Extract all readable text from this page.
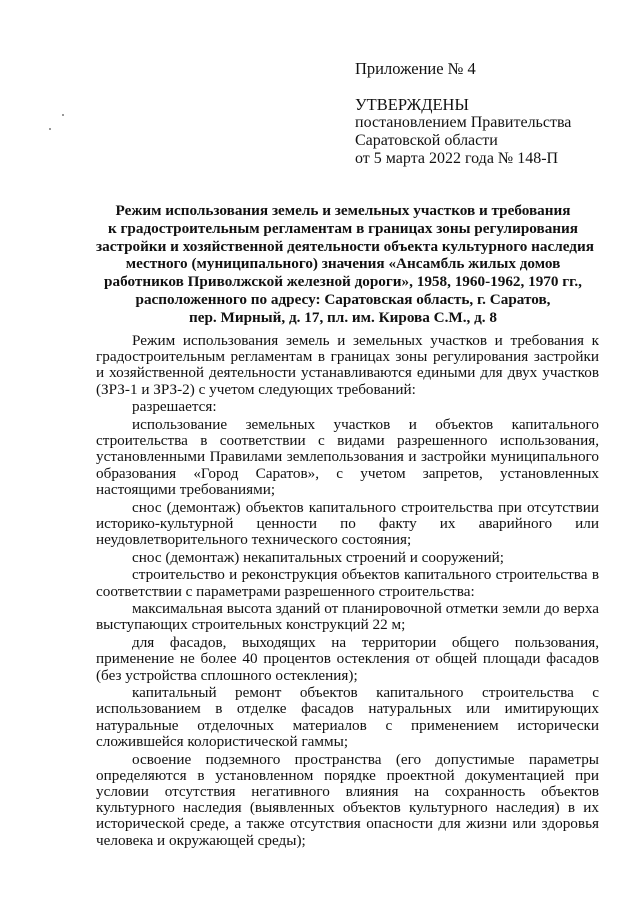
Приложение № 4
УТВЕРЖДЕНЫ
постановлением Правительства
Саратовской области
от 5 марта 2022 года № 148-П
Режим использования земель и земельных участков и требования
к градостроительным регламентам в границах зоны регулирования
застройки и хозяйственной деятельности объекта культурного наследия
местного (муниципального) значения «Ансамбль жилых домов
работников Приволжской железной дороги», 1958, 1960-1962, 1970 гг.,
расположенного по адресу: Саратовская область, г. Саратов,
пер. Мирный, д. 17, пл. им. Кирова С.М., д. 8

Режим использования земель и земельных участков и требования к градостроительным регламентам в границах зоны регулирования застройки и хозяйственной деятельности устанавливаются едиными для двух участков (ЗРЗ-1 и ЗРЗ-2) с учетом следующих требований:

разрешается:

использование земельных участков и объектов капитального строительства в соответствии с видами разрешенного использования, установленными Правилами землепользования и застройки муниципального образования «Город Саратов», с учетом запретов, установленных настоящими требованиями;

снос (демонтаж) объектов капитального строительства при отсутствии историко-культурной ценности по факту их аварийного или неудовлетворительного технического состояния;

снос (демонтаж) некапитальных строений и сооружений;

строительство и реконструкция объектов капитального строительства в соответствии с параметрами разрешенного строительства:

максимальная высота зданий от планировочной отметки земли до верха выступающих строительных конструкций 22 м;

для фасадов, выходящих на территории общего пользования, применение не более 40 процентов остекления от общей площади фасадов (без устройства сплошного остекления);

капитальный ремонт объектов капитального строительства с использованием в отделке фасадов натуральных или имитирующих натуральные отделочных материалов с применением исторически сложившейся колористической гаммы;

освоение подземного пространства (его допустимые параметры определяются в установленном порядке проектной документацией при условии отсутствия негативного влияния на сохранность объектов культурного наследия (выявленных объектов культурного наследия) в их исторической среде, а также отсутствия опасности для жизни или здоровья человека и окружающей среды);
